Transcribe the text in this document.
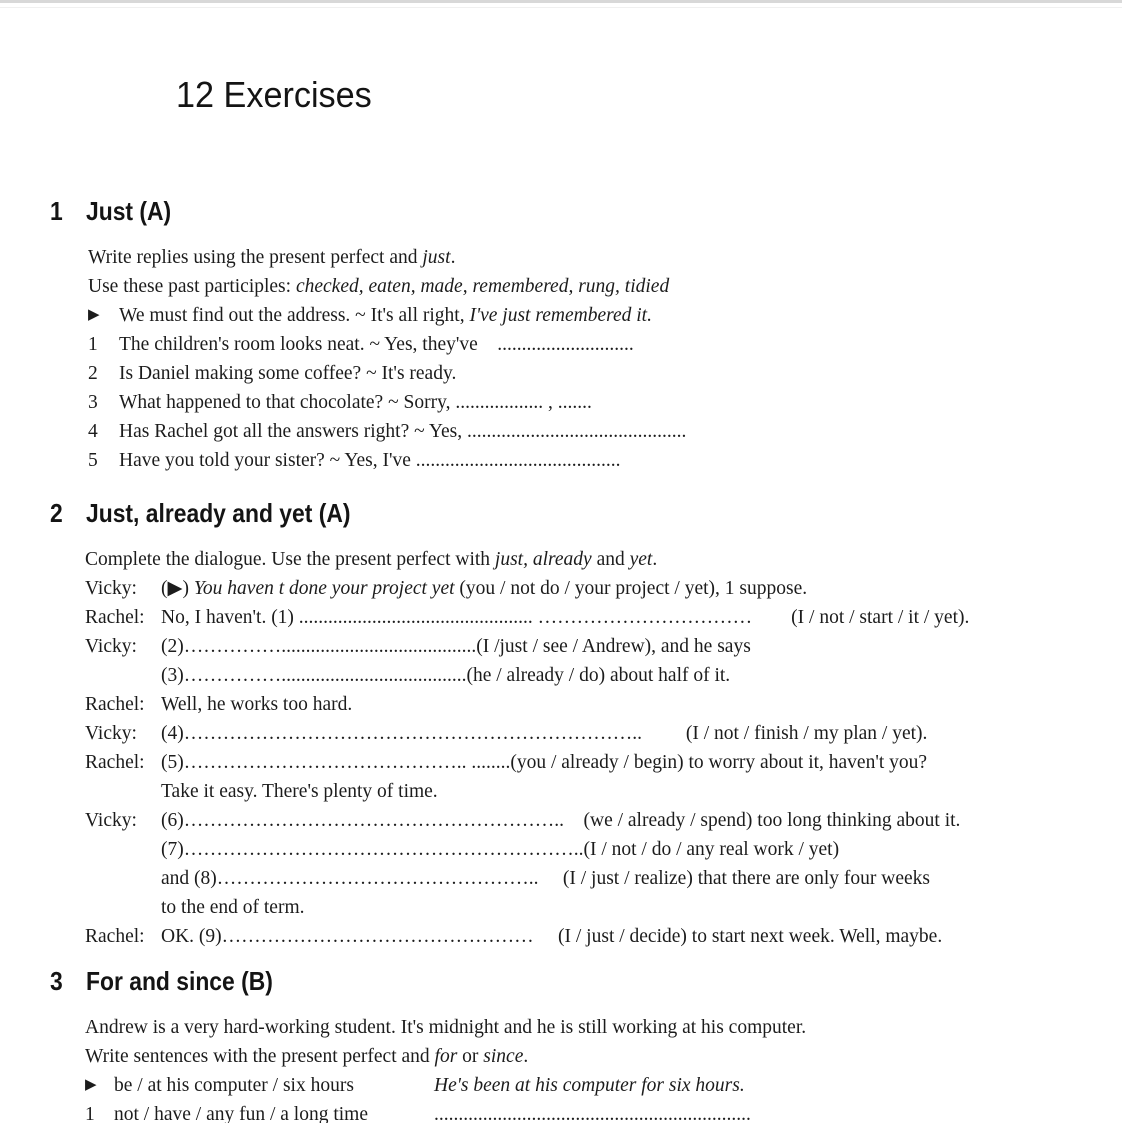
12 Exercises
1 Just (A)

Write replies using the present perfect and just.

Use these past participles: checked, eaten, made, remembered, rung, tidied

▶ We must find out the address. ~ It's all right, I've just remembered it.
1	The children's room looks neat. ~ Yes, they've    ............................
2	Is Daniel making some coffee? ~ It's ready.
3	What happened to that chocolate? ~ Sorry, .................. , .......
4	Has Rachel got all the answers right? ~ Yes, .............................................
5	Have you told your sister? ~ Yes, I've ..........................................
2 Just, already and yet (A)

Complete the dialogue. Use the present perfect with just, already and yet.

Vicky:	(▶) You haven t done your project yet (you / not do / your project / yet), 1 suppose.
Rachel: No, I haven't. (1) ................................................ ……………………………        (I / not / start / it / yet).
Vicky:	(2)……………........................................(I /just / see / Andrew), and he says
(3)……………......................................(he / already / do) about half of it.
Rachel: Well, he works too hard.
Vicky:	(4)……………………………………………………………..         (I / not / finish / my plan / yet).
Rachel: (5)…………………………………….. ........(you / already / begin) to worry about it, haven't you?
Take it easy. There's plenty of time.
Vicky:	(6)…………………………………………………..    (we / already / spend) too long thinking about it.
(7)……………………………………………………..(I / not / do / any real work / yet)
and (8)…………………………………………..     (I / just / realize) that there are only four weeks
to the end of term.
Rachel: OK. (9)…………………………………………     (I / just / decide) to start next week. Well, maybe.
3 For and since (B)

Andrew is a very hard-working student. It's midnight and he is still working at his computer.

Write sentences with the present perfect and for or since.

▶ be / at his computer / six hours	He's been at his computer for six hours.
1 not / have / any fun / a long time	.................................................................
